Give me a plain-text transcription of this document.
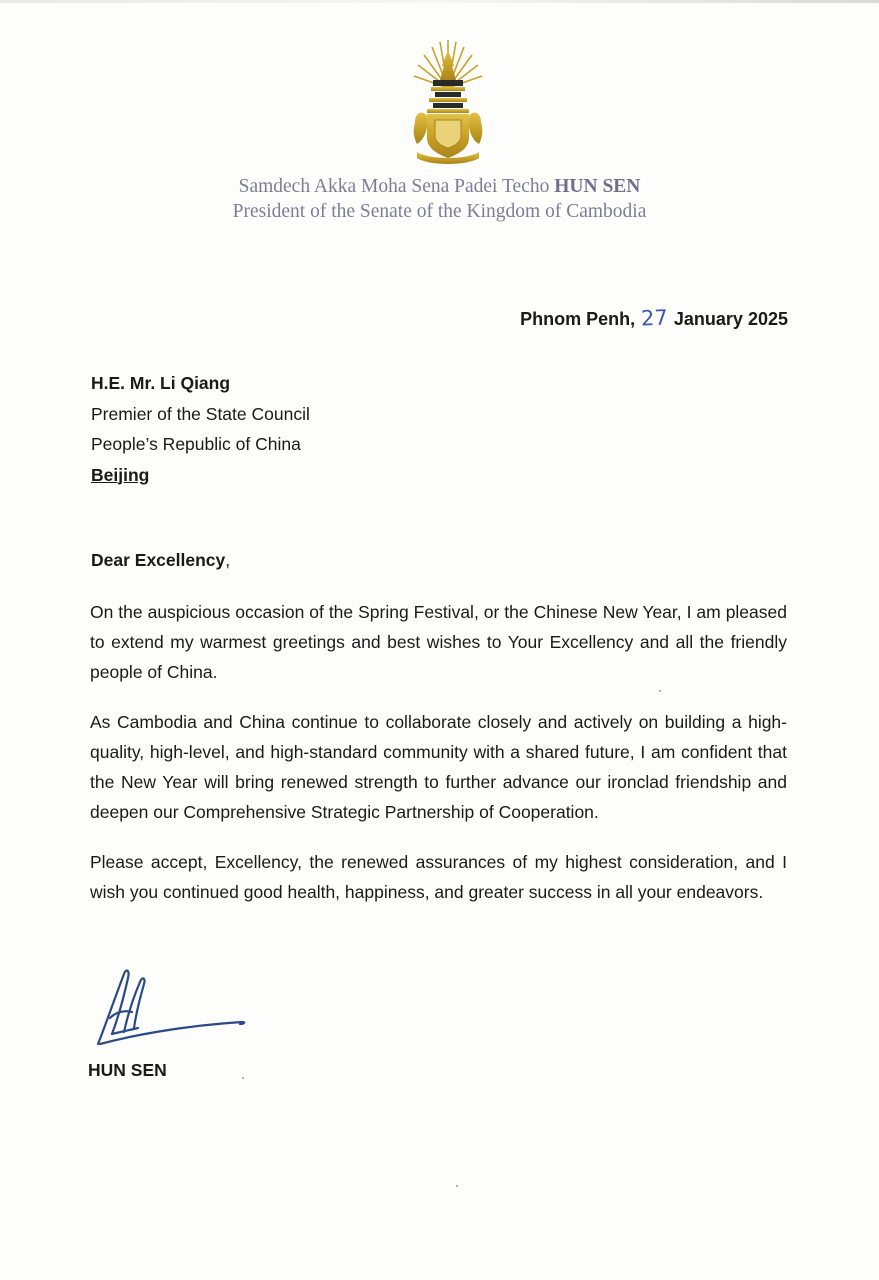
Samdech Akka Moha Sena Padei Techo HUN SEN
President of the Senate of the Kingdom of Cambodia
Phnom Penh, 27 January 2025
H.E. Mr. Li Qiang
Premier of the State Council
People’s Republic of China
Beijing
Dear Excellency,

On the auspicious occasion of the Spring Festival, or the Chinese New Year, I am pleased to extend my warmest greetings and best wishes to Your Excellency and all the friendly people of China.

As Cambodia and China continue to collaborate closely and actively on building a high-quality, high-level, and high-standard community with a shared future, I am confident that the New Year will bring renewed strength to further advance our ironclad friendship and deepen our Comprehensive Strategic Partnership of Cooperation.

Please accept, Excellency, the renewed assurances of my highest consideration, and I wish you continued good health, happiness, and greater success in all your endeavors.

HUN SEN
